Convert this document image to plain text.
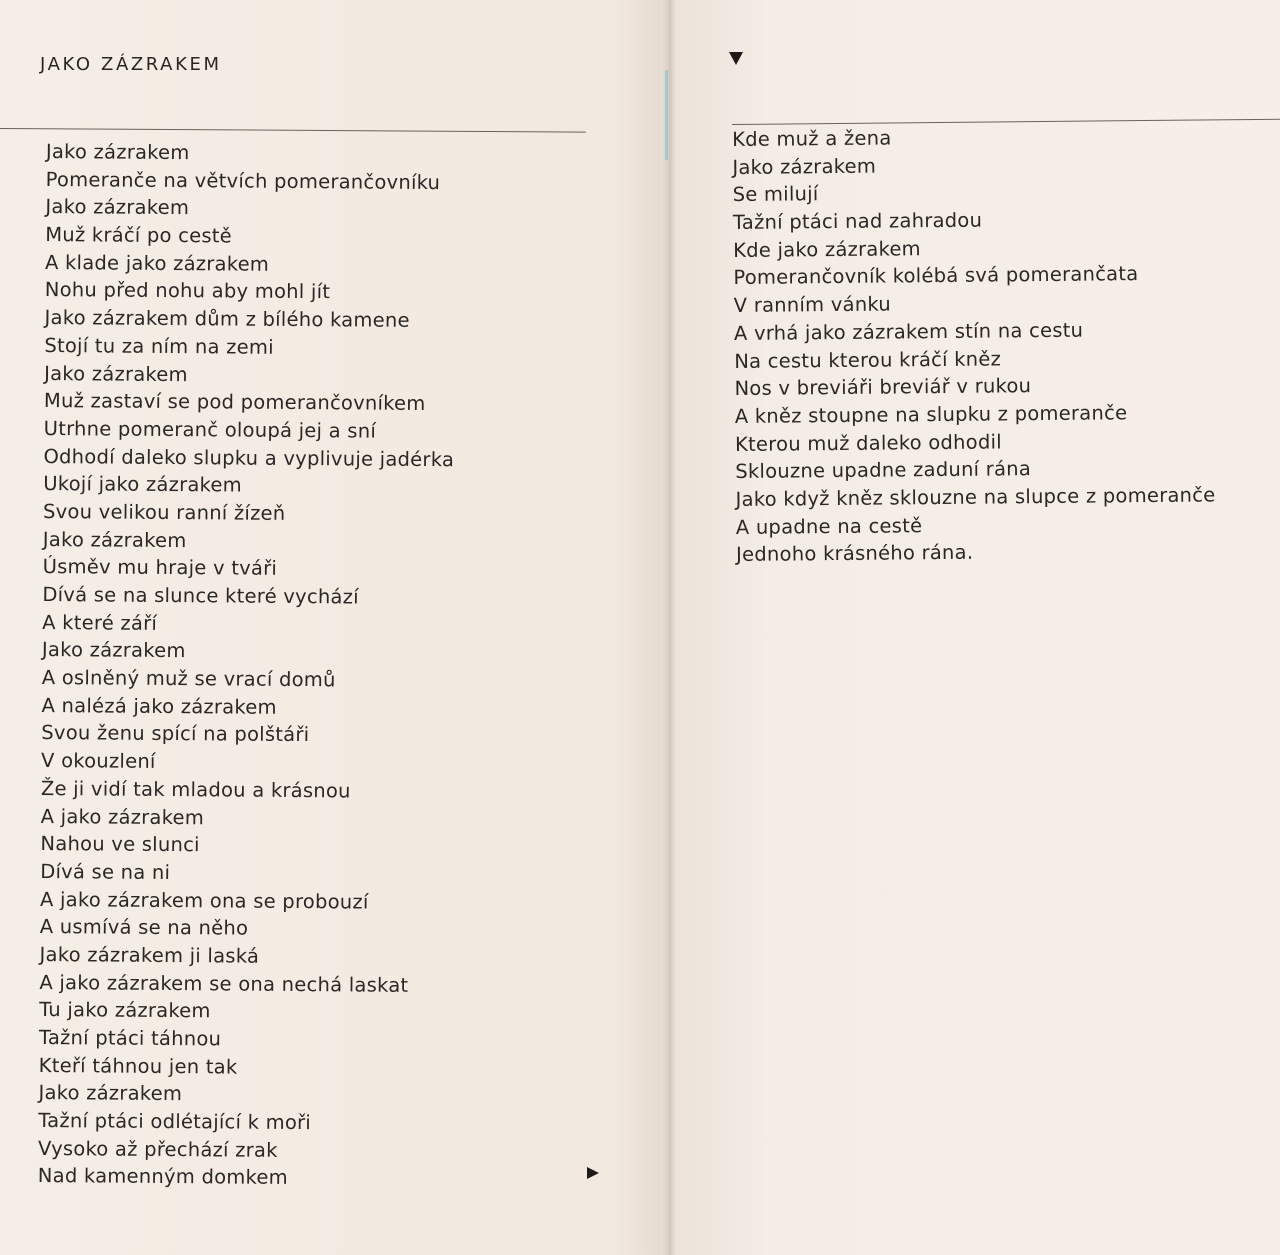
JAKO ZÁZRAKEM
Jako zázrakem
Pomeranče na větvích pomerančovníku
Jako zázrakem
Muž kráčí po cestě
A klade jako zázrakem
Nohu před nohu aby mohl jít
Jako zázrakem dům z bílého kamene
Stojí tu za ním na zemi
Jako zázrakem
Muž zastaví se pod pomerančovníkem
Utrhne pomeranč oloupá jej a sní
Odhodí daleko slupku a vyplivuje jadérka
Ukojí jako zázrakem
Svou velikou ranní žízeň
Jako zázrakem
Úsměv mu hraje v tváři
Dívá se na slunce které vychází
A které září
Jako zázrakem
A oslněný muž se vrací domů
A nalézá jako zázrakem
Svou ženu spící na polštáři
V okouzlení
Že ji vidí tak mladou a krásnou
A jako zázrakem
Nahou ve slunci
Dívá se na ni
A jako zázrakem ona se probouzí
A usmívá se na něho
Jako zázrakem ji laská
A jako zázrakem se ona nechá laskat
Tu jako zázrakem
Tažní ptáci táhnou
Kteří táhnou jen tak
Jako zázrakem
Tažní ptáci odlétající k moři
Vysoko až přechází zrak
Nad kamenným domkem
Kde muž a žena
Jako zázrakem
Se milují
Tažní ptáci nad zahradou
Kde jako zázrakem
Pomerančovník kolébá svá pomerančata
V ranním vánku
A vrhá jako zázrakem stín na cestu
Na cestu kterou kráčí kněz
Nos v breviáři breviář v rukou
A kněz stoupne na slupku z pomeranče
Kterou muž daleko odhodil
Sklouzne upadne zaduní rána
Jako když kněz sklouzne na slupce z pomeranče
A upadne na cestě
Jednoho krásného rána.
